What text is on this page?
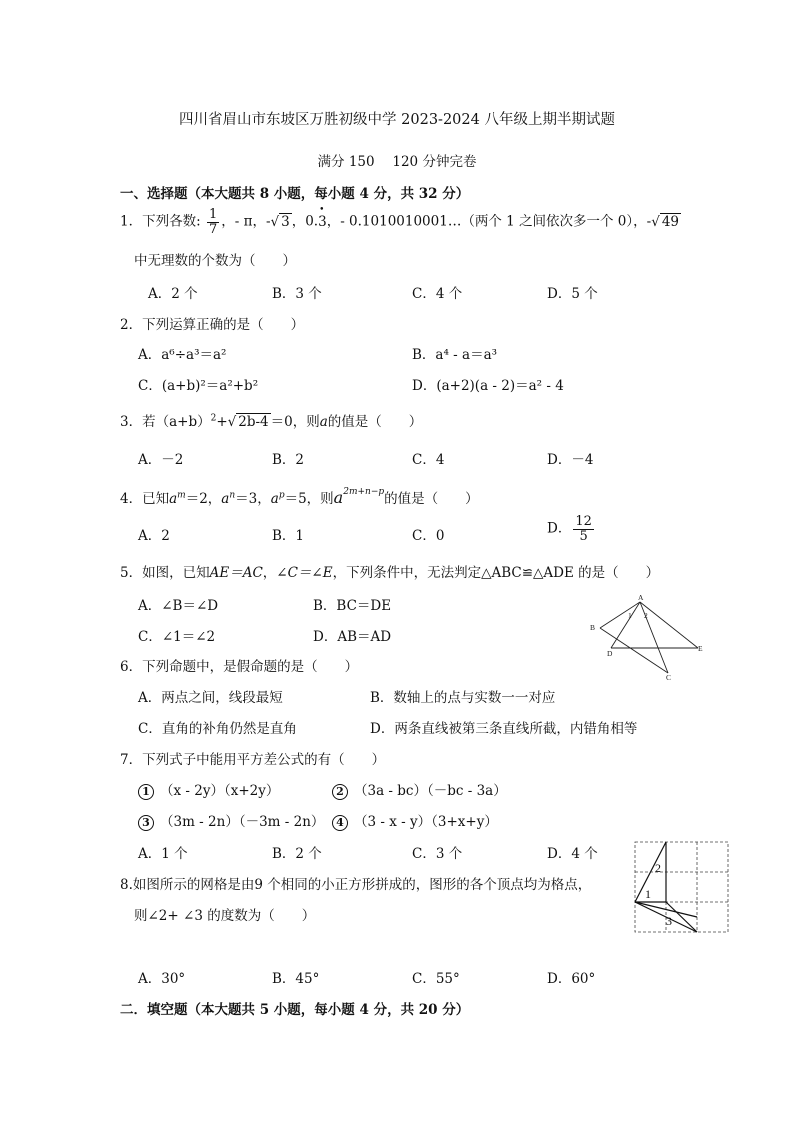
四川省眉山市东坡区万胜初级中学 2023-2024 八年级上期半期试题
满分 150　 120 分钟完卷
一、选择题（本大题共 8 小题，每小题 4 分，共 32 分）
1．下列各数: $\frac{1}{7}$ ，- π，-√ 3 ，0.• 3，- 0.1010010001…（两个 1 之间依次多一个 0），-√ 49
中无理数的个数为（　　）
A．2 个	B．3 个	C．4 个	D．5 个
2．下列运算正确的是（　　）
A．a⁶÷a³＝a²	B．a⁴ - a＝a³
C．(a+b)²＝a²+b²	D．(a+2)(a - 2)＝a² - 4
3．若$(a+b)^2+√$ 2b-4 ＝0，则a的值是（　　）
A．－2	B．2	C．4	D．－4
4．已知$a^m=2$，$a^n=3$，$a^p=5$，则$a^{2m+n-p}$的值是（　　）
A．2	B．1	C．0	D． $\frac{12}{5}$
5．如图，已知AE＝AC，∠C＝∠E，下列条件中，无法判定△ABC≌△ADE 的是（　　）
A．∠B＝∠D	B．BC＝DE
C．∠1＝∠2	D．AB＝AD
A
B
C
D
E
1 2
6．下列命题中，是假命题的是（　　）
A．两点之间，线段最短	B．数轴上的点与实数一一对应
C．直角的补角仍然是直角	D．两条直线被第三条直线所截，内错角相等
7．下列式子中能用平方差公式的有（　　）
1 （x - 2y）（x+2y）	2 （3a - bc）（－bc - 3a）
3 （3m - 2n）（－3m - 2n）	4 （3 - x - y）（3+x+y）
A．1 个	B．2 个	C．3 个	D．4 个
8.如图所示的网格是由9 个相同的小正方形拼成的，图形的各个顶点均为格点，
则∠2+ ∠3 的度数为（　　）
A．30°	B．45°	C．55°	D．60°
2
1
3
二．填空题（本大题共 5 小题，每小题 4 分，共 20 分）
